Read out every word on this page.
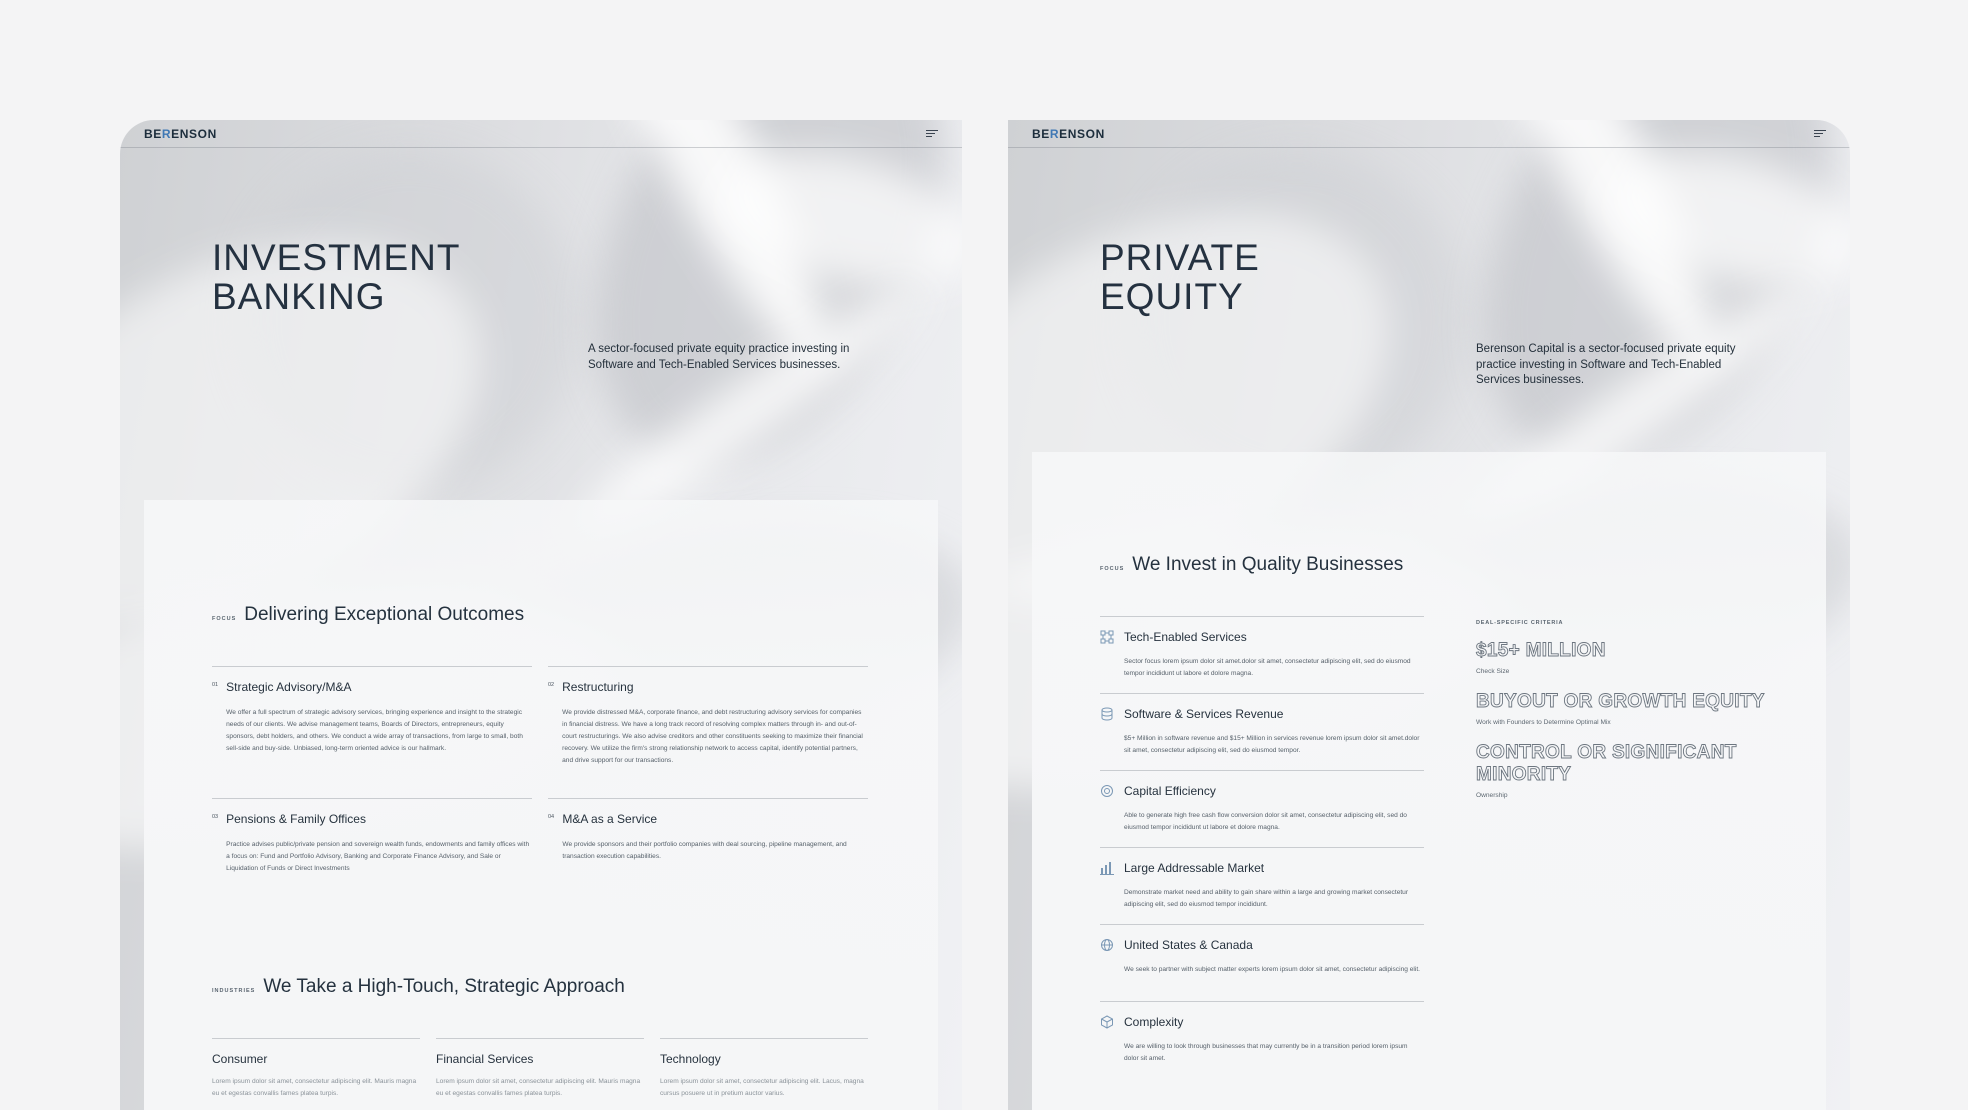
BERENSON
INVESTMENT
BANKING

A sector-focused private equity practice investing in Software and Tech-Enabled Services businesses.

FOCUS Delivering Exceptional Outcomes
01 Strategic Advisory/M&A
We offer a full spectrum of strategic advisory services, bringing experience and insight to the strategic needs of our clients. We advise management teams, Boards of Directors, entrepreneurs, equity sponsors, debt holders, and others. We conduct a wide array of transactions, from large to small, both sell-side and buy-side. Unbiased, long-term oriented advice is our hallmark.
02 Restructuring
We provide distressed M&A, corporate finance, and debt restructuring advisory services for companies in financial distress. We have a long track record of resolving complex matters through in- and out-of-court restructurings. We also advise creditors and other constituents seeking to maximize their financial recovery. We utilize the firm's strong relationship network to access capital, identify potential partners, and drive support for our transactions.
03 Pensions & Family Offices
Practice advises public/private pension and sovereign wealth funds, endowments and family offices with a focus on: Fund and Portfolio Advisory, Banking and Corporate Finance Advisory, and Sale or Liquidation of Funds or Direct Investments
04 M&A as a Service
We provide sponsors and their portfolio companies with deal sourcing, pipeline management, and transaction execution capabilities.
INDUSTRIES We Take a High-Touch, Strategic Approach
Consumer
Lorem ipsum dolor sit amet, consectetur adipiscing elit. Mauris magna eu et egestas convallis fames platea turpis.
Financial Services
Lorem ipsum dolor sit amet, consectetur adipiscing elit. Mauris magna eu et egestas convallis fames platea turpis.
Technology
Lorem ipsum dolor sit amet, consectetur adipiscing elit. Lacus, magna cursus posuere ut in pretium auctor varius.
BERENSON
PRIVATE
EQUITY

Berenson Capital is a sector-focused private equity practice investing in Software and Tech-Enabled Services businesses.

FOCUS We Invest in Quality Businesses
Tech-Enabled Services
Sector focus lorem ipsum dolor sit amet.dolor sit amet, consectetur adipiscing elit, sed do eiusmod tempor incididunt ut labore et dolore magna.
Software & Services Revenue
$5+ Million in software revenue and $15+ Million in services revenue lorem ipsum dolor sit amet.dolor sit amet, consectetur adipiscing elit, sed do eiusmod tempor.
Capital Efficiency
Able to generate high free cash flow conversion dolor sit amet, consectetur adipiscing elit, sed do eiusmod tempor incididunt ut labore et dolore magna.
Large Addressable Market
Demonstrate market need and ability to gain share within a large and growing market consectetur adipiscing elit, sed do eiusmod tempor incididunt.
United States & Canada
We seek to partner with subject matter experts lorem ipsum dolor sit amet, consectetur adipiscing elit.
Complexity
We are willing to look through businesses that may currently be in a transition period lorem ipsum dolor sit amet.
DEAL-SPECIFIC CRITERIA
$15+ MILLION
Check Size
BUYOUT OR GROWTH EQUITY
Work with Founders to Determine Optimal Mix
CONTROL OR SIGNIFICANT MINORITY
Ownership
